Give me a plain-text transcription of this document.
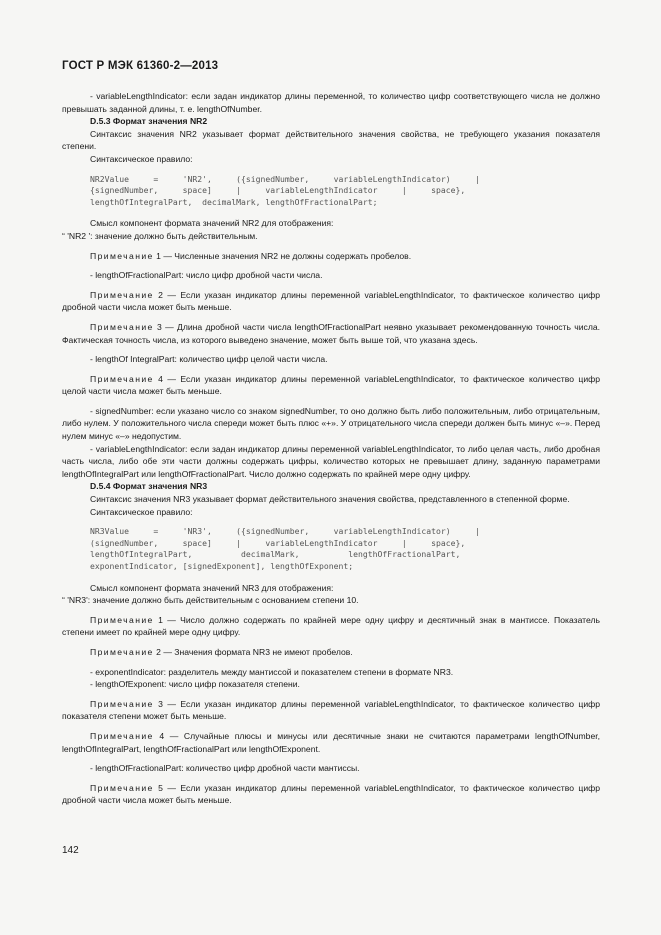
ГОСТ Р МЭК 61360-2—2013

- variableLengthIndicator: если задан индикатор длины переменной, то количество цифр соответствующего числа не должно превышать заданной длины, т. е. lengthOfNumber.

D.5.3 Формат значения NR2

Синтаксис значения NR2 указывает формат действительного значения свойства, не требующего указания показателя степени.

Синтаксическое правило:

NR2Value     =     'NR2',     ({signedNumber,     variableLengthIndicator)     |
{signedNumber,     space]     |     variableLengthIndicator     |     space},
lengthOfIntegralPart,  decimalMark, lengthOfFractionalPart;

Смысл компонент формата значений NR2 для отображения:

“ 'NR2 ': значение должно быть действительным.

Примечание 1 — Численные значения NR2 не должны содержать пробелов.

- lengthOfFractionalPart: число цифр дробной части числа.

Примечание 2 — Если указан индикатор длины переменной variableLengthIndicator, то фактическое количество цифр дробной части числа может быть меньше.

Примечание 3 — Длина дробной части числа lengthOfFractionalPart неявно указывает рекомендованную точность числа. Фактическая точность числа, из которого выведено значение, может быть выше той, что указана здесь.

- lengthOf IntegralPart: количество цифр целой части числа.

Примечание 4 — Если указан индикатор длины переменной variableLengthIndicator, то фактическое количество цифр целой части числа может быть меньше.

- signedNumber: если указано число со знаком signedNumber, то оно должно быть либо положительным, либо отрицательным, либо нулем. У положительного числа спереди может быть плюс «+». У отрицательного числа спереди должен быть минус «–». Перед нулем минус «–» недопустим.

- variableLengthIndicator: если задан индикатор длины переменной variableLengthIndicator, то либо целая часть, либо дробная часть числа, либо обе эти части должны содержать цифры, количество которых не превышает длину, заданную параметрами lengthOfIntegralPart или lengthOfFractionalPart. Число должно содержать по крайней мере одну цифру.

D.5.4 Формат значения NR3

Синтаксис значения NR3 указывает формат действительного значения свойства, представленного в степенной форме.

Синтаксическое правило:

NR3Value     =     'NR3',     ({signedNumber,     variableLengthIndicator)     |
(signedNumber,     space]     |     variableLengthIndicator     |     space},
lengthOfIntegralPart,          decimalMark,          lengthOfFractionalPart,
exponentIndicator, [signedExponent], lengthOfExponent;

Смысл компонент формата значений NR3 для отображения:

“ 'NR3': значение должно быть действительным с основанием степени 10.

Примечание 1 — Число должно содержать по крайней мере одну цифру и десятичный знак в мантиссе. Показатель степени имеет по крайней мере одну цифру.

Примечание 2 — Значения формата NR3 не имеют пробелов.

- exponentIndicator: разделитель между мантиссой и показателем степени в формате NR3.

- lengthOfExponent: число цифр показателя степени.

Примечание 3 — Если указан индикатор длины переменной variableLengthIndicator, то фактическое количество цифр показателя степени может быть меньше.

Примечание 4 — Случайные плюсы и минусы или десятичные знаки не считаются параметрами lengthOfNumber, lengthOfIntegralPart, lengthOfFractionalPart или lengthOfExponent.

- lengthOfFractionalPart: количество цифр дробной части мантиссы.

Примечание 5 — Если указан индикатор длины переменной variableLengthIndicator, то фактическое количество цифр дробной части числа может быть меньше.

142
